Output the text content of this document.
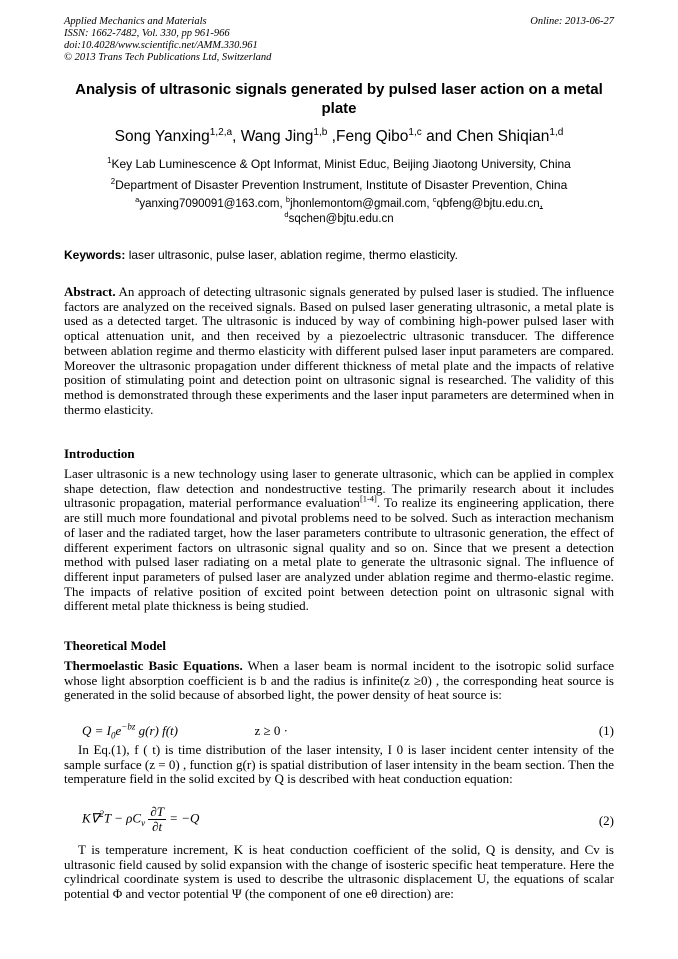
Applied Mechanics and Materials
ISSN: 1662-7482, Vol. 330, pp 961-966
doi:10.4028/www.scientific.net/AMM.330.961
© 2013 Trans Tech Publications Ltd, Switzerland
Online: 2013-06-27
Analysis of ultrasonic signals generated by pulsed laser action on a metal plate
Song Yanxing$^{1,2,a}$, Wang Jing$^{1,b}$ ,Feng Qibo$^{1,c}$ and Chen Shiqian$^{1,d}$
$^1$Key Lab Luminescence & Opt Informat, Minist Educ, Beijing Jiaotong University, China
$^2$Department of Disaster Prevention Instrument, Institute of Disaster Prevention, China
$^a$yanxing7090091@163.com, $^b$jhonlemontom@gmail.com, $^c$qbfeng@bjtu.edu.cn,
$^d$sqchen@bjtu.edu.cn
Keywords: laser ultrasonic, pulse laser, ablation regime, thermo elasticity.
Abstract. An approach of detecting ultrasonic signals generated by pulsed laser is studied. The influence factors are analyzed on the received signals. Based on pulsed laser generating ultrasonic, a metal plate is used as a detected target. The ultrasonic is induced by way of combining high-power pulsed laser with optical attenuation unit, and then received by a piezoelectric ultrasonic transducer. The difference between ablation regime and thermo elasticity with different pulsed laser input parameters are compared. Moreover the ultrasonic propagation under different thickness of metal plate and the impacts of relative position of stimulating point and detection point on ultrasonic signal is researched. The validity of this method is demonstrated through these experiments and the laser input parameters are determined when in thermo elasticity.
Introduction
Laser ultrasonic is a new technology using laser to generate ultrasonic, which can be applied in complex shape detection, flaw detection and nondestructive testing. The primarily research about it includes ultrasonic propagation, material performance evaluation[1-4]. To realize its engineering application, there are still much more foundational and pivotal problems need to be solved. Such as interaction mechanism of laser and the radiated target, how the laser parameters contribute to ultrasonic generation, the effect of different experiment factors on ultrasonic signal quality and so on. Since that we present a detection method with pulsed laser radiating on a metal plate to generate the ultrasonic signal. The influence of different input parameters of pulsed laser are analyzed under ablation regime and thermo-elastic regime. The impacts of relative position of excited point between detection point on ultrasonic signal with different metal plate thickness is being studied.
Theoretical Model
Thermoelastic Basic Equations. When a laser beam is normal incident to the isotropic solid surface whose light absorption coefficient is b and the radius is infinite(z ≥0) , the corresponding heat source is generated in the solid because of absorbed light, the power density of heat source is:
$Q = I_0e^{-bz}$ g(r) f(t)	z ≥ 0 ·	(1)
In Eq.(1), f ( t) is time distribution of the laser intensity, I 0 is laser incident center intensity of the sample surface (z = 0) , function g(r) is spatial distribution of laser intensity in the beam section. Then the temperature field in the solid excited by Q is described with heat conduction equation:
$K\nabla^2T - \rho C_v \frac{\partial T}{\partial t} = -Q$	(2)
T is temperature increment, K is heat conduction coefficient of the solid, Q is density, and Cv is ultrasonic field caused by solid expansion with the change of isosteric specific heat temperature. Here the cylindrical coordinate system is used to describe the ultrasonic displacement U, the equations of scalar potential Φ and vector potential Ψ (the component of one eθ direction) are:
